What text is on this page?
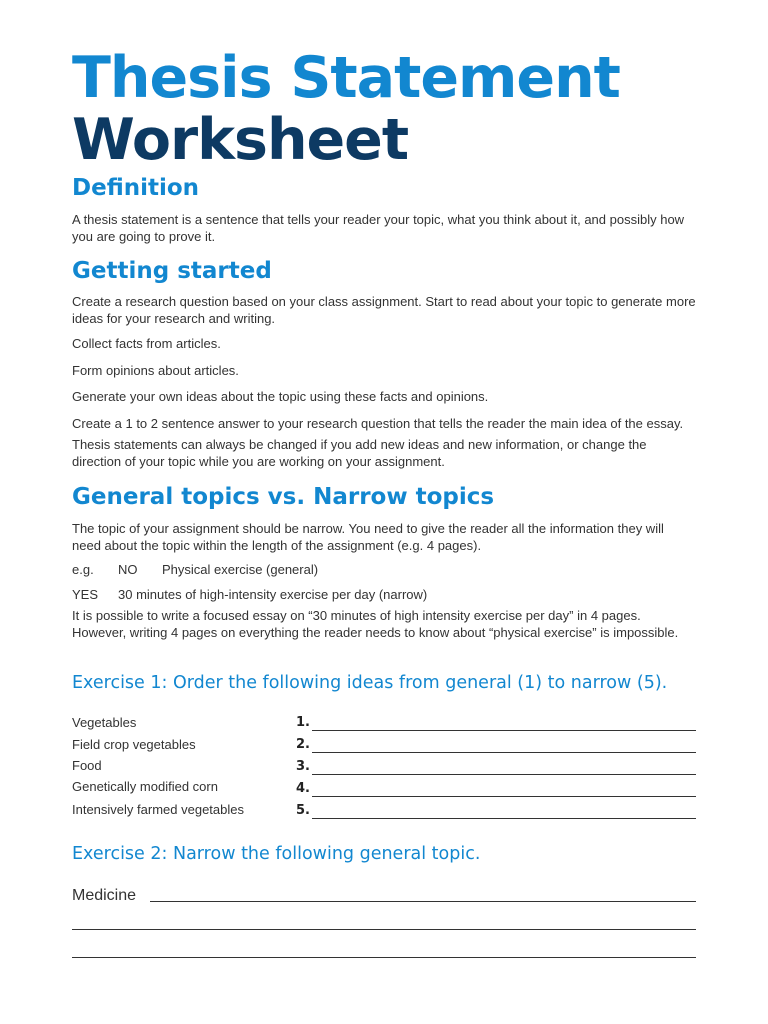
Thesis Statement
Worksheet
Definition
A thesis statement is a sentence that tells your reader your topic, what you think about it, and possibly how you are going to prove it.
Getting started
Create a research question based on your class assignment. Start to read about your topic to generate more ideas for your research and writing.
Collect facts from articles.
Form opinions about articles.
Generate your own ideas about the topic using these facts and opinions.
Create a 1 to 2 sentence answer to your research question that tells the reader the main idea of the essay.
Thesis statements can always be changed if you add new ideas and new information, or change the direction of your topic while you are working on your assignment.
General topics vs. Narrow topics
The topic of your assignment should be narrow. You need to give the reader all the information they will need about the topic within the length of the assignment (e.g. 4 pages).
e.g. NO Physical exercise (general)
YES 30 minutes of high-intensity exercise per day (narrow)
It is possible to write a focused essay on “30 minutes of high intensity exercise per day” in 4 pages. However, writing 4 pages on everything the reader needs to know about “physical exercise” is impossible.
Exercise 1: Order the following ideas from general (1) to narrow (5).
Vegetables
Field crop vegetables
Food
Genetically modified corn
Intensively farmed vegetables
1.
2.
3.
4.
5.
Exercise 2: Narrow the following general topic.
Medicine
